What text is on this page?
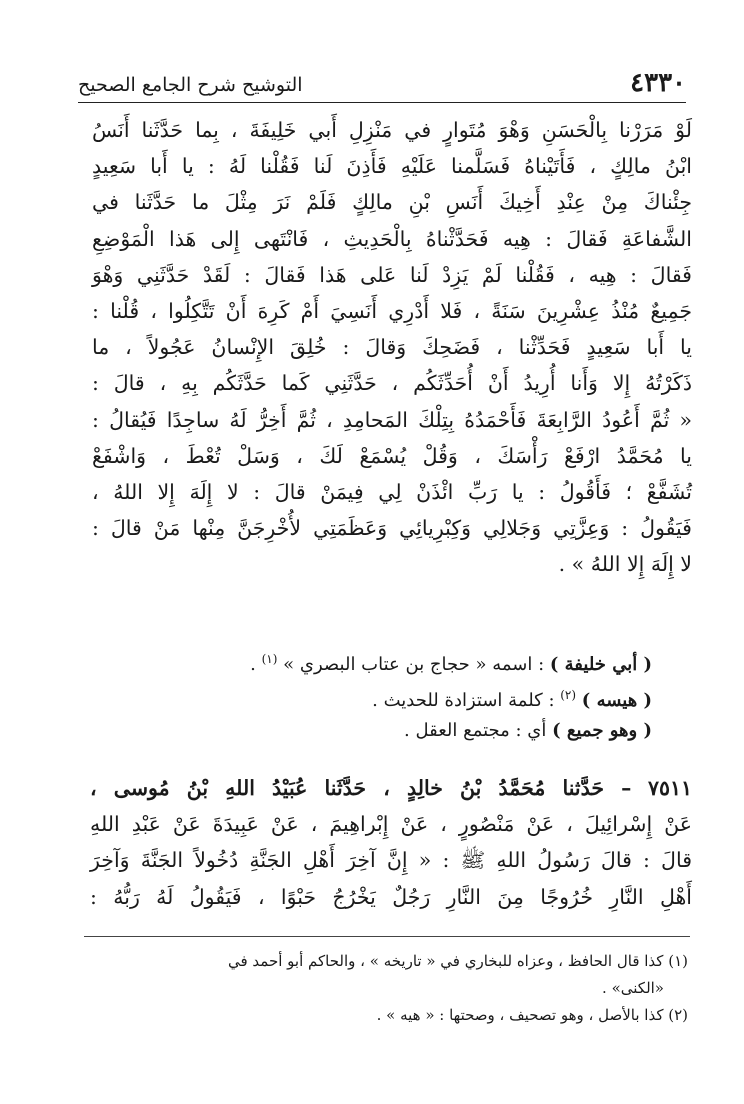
٤٣٣٠
التوشيح شرح الجامع الصحيح
لَوْ مَرَرْنا بِالْحَسَنِ وَهْوَ مُتَوارٍ في مَنْزِلِ أَبي خَلِيفَةَ ، بِما حَدَّثَنا أَنَسُ
ابْنُ مالِكٍ ، فَأَتَيْناهُ فَسَلَّمنا عَلَيْهِ فَأَذِنَ لَنا فَقُلْنا لَهُ : يا أَبا سَعِيدٍ
جِئْناكَ مِنْ عِنْدِ أَخِيكَ أَنَسِ بْنِ مالِكٍ فَلَمْ نَرَ مِثْلَ ما حَدَّثَنا في
الشَّفاعَةِ فَقالَ : هِيه فَحَدَّثْناهُ بِالْحَدِيثِ ، فَانْتَهى إِلى هَذا الْمَوْضِعِ
فَقالَ : هِيه ، فَقُلْنا لَمْ يَزِدْ لَنا عَلى هَذا فَقالَ : لَقَدْ حَدَّثَنِي وَهْوَ
جَمِيعٌ مُنْذُ عِشْرِينَ سَنَةً ، فَلا أَدْرِي أَنَسِيَ أَمْ كَرِهَ أَنْ تَتَّكِلُوا ، قُلْنا :
يا أَبا سَعِيدٍ فَحَدِّثْنا ، فَضَحِكَ وَقالَ : خُلِقَ الإِنْسانُ عَجُولاً ، ما
ذَكَرْتُهُ إِلا وَأَنا أُرِيدُ أَنْ أُحَدِّثَكُم ، حَدَّثَنِي كَما حَدَّثَكُم بِهِ ، قالَ :
« ثُمَّ أَعُودُ الرَّابِعَةَ فَأَحْمَدُهُ بِتِلْكَ المَحامِدِ ، ثُمَّ أَخِرُّ لَهُ ساجِدًا فَيُقالُ :
يا مُحَمَّدُ ارْفَعْ رَأْسَكَ ، وَقُلْ يُسْمَعْ لَكَ ، وَسَلْ تُعْطَ ، وَاشْفَعْ
تُشَفَّعْ ؛ فَأَقُولُ : يا رَبِّ ائْذَنْ لِي فِيمَنْ قالَ : لا إِلَهَ إِلا اللهُ ،
فَيَقُولُ : وَعِزَّتِي وَجَلالِي وَكِبْرِيائِي وَعَظَمَتِي لأُخْرِجَنَّ مِنْها مَنْ قالَ :
لا إِلَهَ إِلا اللهُ » .
( أبي خليفة ) : اسمه « حجاج بن عتاب البصري » $^{(١)}$ .
( هيسه ) $^{(٢)}$ : كلمة استزادة للحديث .
( وهو جميع ) أي : مجتمع العقل .
٧٥١١ – حَدَّثنا مُحَمَّدُ بْنُ خالِدٍ ، حَدَّثَنا عُبَيْدُ اللهِ بْنُ مُوسى ،
عَنْ إِسْرائِيلَ ، عَنْ مَنْصُورٍ ، عَنْ إِبْراهِيمَ ، عَنْ عَبِيدَةَ عَنْ عَبْدِ اللهِ
قالَ : قالَ رَسُولُ اللهِ ﷺ : « إِنَّ آخِرَ أَهْلِ الجَنَّةِ دُخُولاً الجَنَّةَ وَآخِرَ
أَهْلِ النَّارِ خُرُوجًا مِنَ النَّارِ رَجُلٌ يَخْرُجُ حَبْوًا ، فَيَقُولُ لَهُ رَبُّهُ :
(١) كذا قال الحافظ ، وعزاه للبخاري في « تاريخه » ، والحاكم أبو أحمد في
«الكنى» .
(٢) كذا بالأصل ، وهو تصحيف ، وصحتها : « هيه » .
